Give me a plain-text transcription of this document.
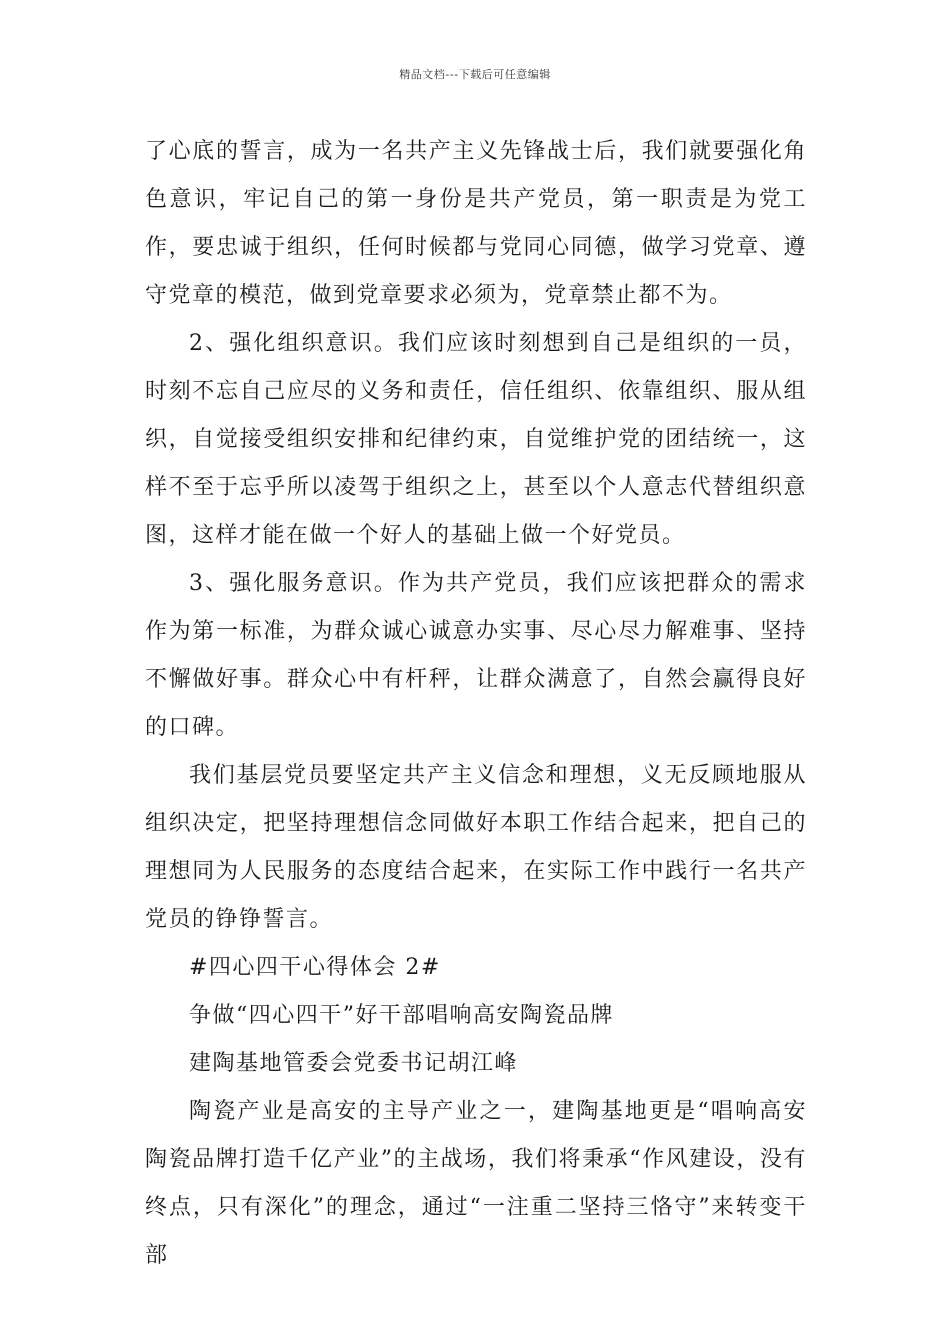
精品文档---下载后可任意编辑

了心底的誓言，成为一名共产主义先锋战士后，我们就要强化角色意识，牢记自己的第一身份是共产党员，第一职责是为党工作，要忠诚于组织，任何时候都与党同心同德，做学习党章、遵守党章的模范，做到党章要求必须为，党章禁止都不为。

2、强化组织意识。我们应该时刻想到自己是组织的一员，时刻不忘自己应尽的义务和责任，信任组织、依靠组织、服从组织，自觉接受组织安排和纪律约束，自觉维护党的团结统一，这样不至于忘乎所以凌驾于组织之上，甚至以个人意志代替组织意图，这样才能在做一个好人的基础上做一个好党员。

3、强化服务意识。作为共产党员，我们应该把群众的需求作为第一标准，为群众诚心诚意办实事、尽心尽力解难事、坚持不懈做好事。群众心中有杆秤，让群众满意了，自然会赢得良好的口碑。

我们基层党员要坚定共产主义信念和理想，义无反顾地服从组织决定，把坚持理想信念同做好本职工作结合起来，把自己的理想同为人民服务的态度结合起来，在实际工作中践行一名共产党员的铮铮誓言。

#四心四干心得体会 2#

争做“四心四干”好干部唱响高安陶瓷品牌

建陶基地管委会党委书记胡江峰

陶瓷产业是高安的主导产业之一，建陶基地更是“唱响高安陶瓷品牌打造千亿产业”的主战场，我们将秉承“作风建设，没有终点，只有深化”的理念，通过“一注重二坚持三恪守”来转变干部
